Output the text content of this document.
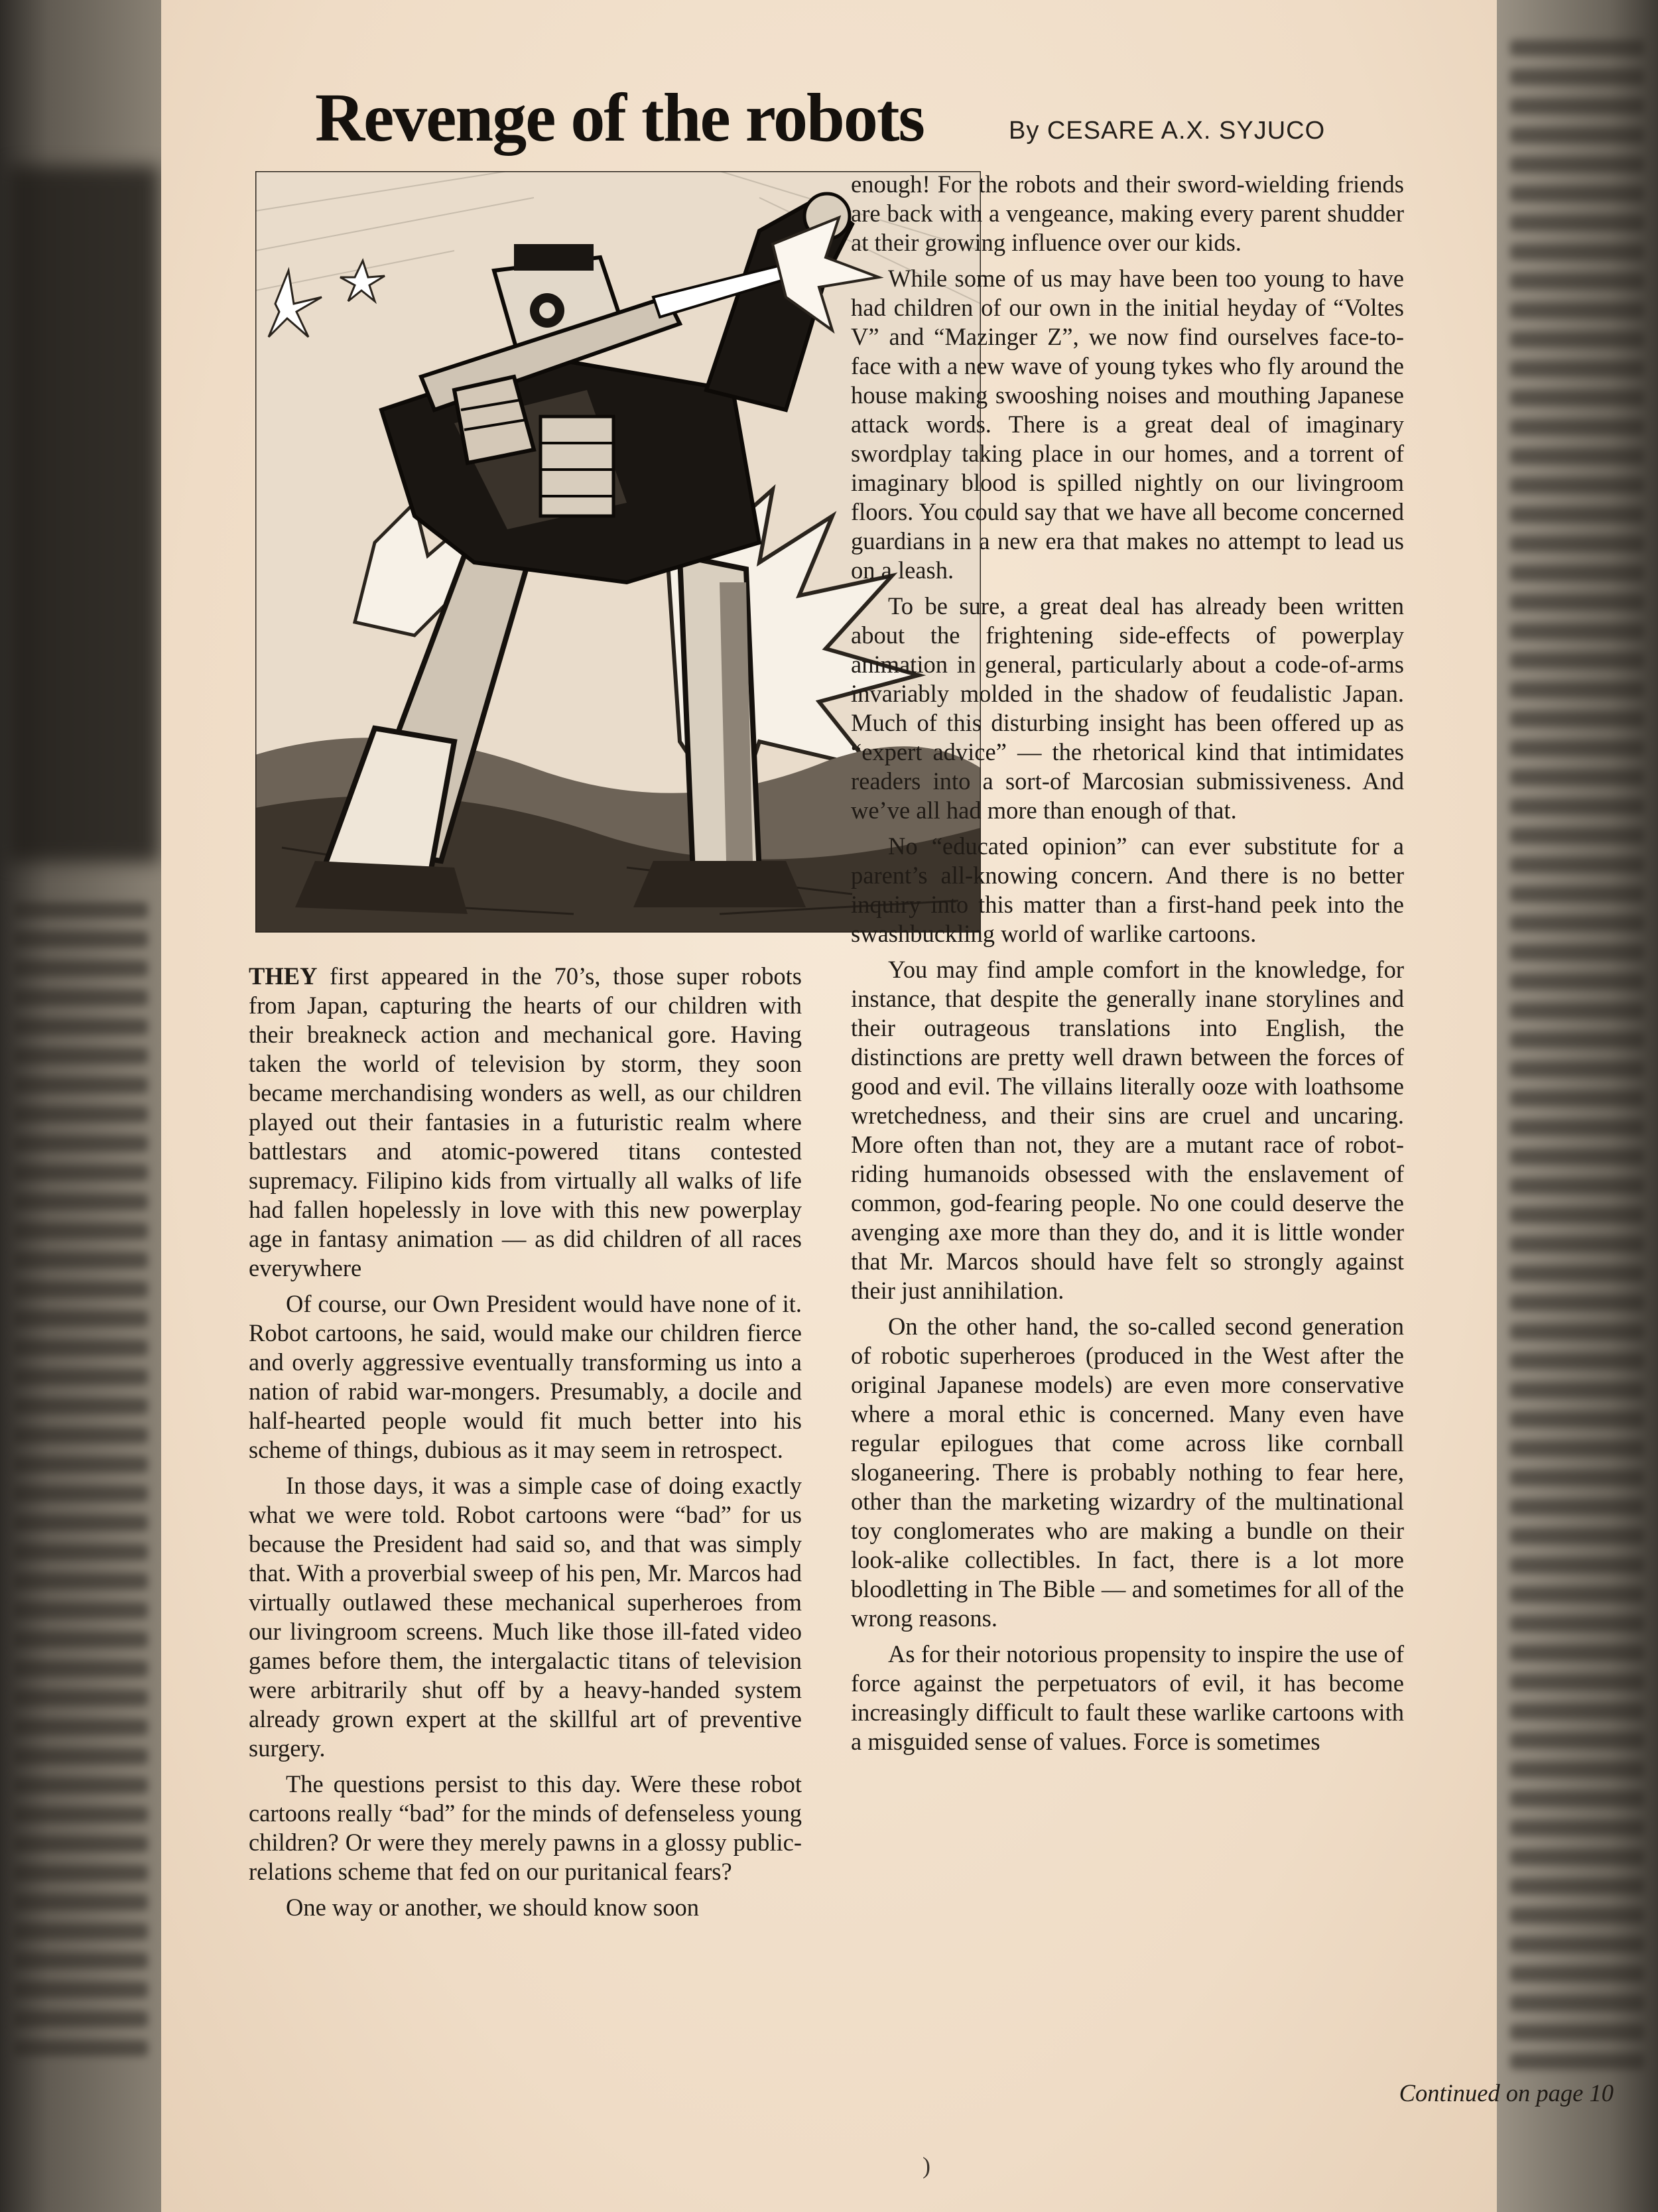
Revenge of the robots	By CESARE A.X. SYJUCO

THEY first appeared in the 70’s, those super robots from Japan, capturing the hearts of our children with their breakneck action and mechanical gore. Having taken the world of television by storm, they soon became merchandising wonders as well, as our children played out their fantasies in a futuristic realm where battlestars and atomic-powered titans contested supremacy. Filipino kids from virtually all walks of life had fallen hopelessly in love with this new powerplay age in fantasy animation — as did children of all races everywhere

Of course, our Own President would have none of it. Robot cartoons, he said, would make our children fierce and overly aggressive eventually transforming us into a nation of rabid war-mongers. Presumably, a docile and half-hearted people would fit much better into his scheme of things, dubious as it may seem in retrospect.

In those days, it was a simple case of doing exactly what we were told. Robot cartoons were “bad” for us because the President had said so, and that was simply that. With a proverbial sweep of his pen, Mr. Marcos had virtually outlawed these mechanical superheroes from our livingroom screens. Much like those ill-fated video games before them, the intergalactic titans of television were arbitrarily shut off by a heavy-handed system already grown expert at the skillful art of preventive surgery.

The questions persist to this day. Were these robot cartoons really “bad” for the minds of defenseless young children? Or were they merely pawns in a glossy public-relations scheme that fed on our puritanical fears?

One way or another, we should know soon

enough! For the robots and their sword-wielding friends are back with a vengeance, making every parent shudder at their growing influence over our kids.

While some of us may have been too young to have had children of our own in the initial heyday of “Voltes V” and “Mazinger Z”, we now find ourselves face-to-face with a new wave of young tykes who fly around the house making swooshing noises and mouthing Japanese attack words. There is a great deal of imaginary swordplay taking place in our homes, and a torrent of imaginary blood is spilled nightly on our livingroom floors. You could say that we have all become concerned guardians in a new era that makes no attempt to lead us on a leash.

To be sure, a great deal has already been written about the frightening side-effects of powerplay animation in general, particularly about a code-of-arms invariably molded in the shadow of feudalistic Japan. Much of this disturbing insight has been offered up as “expert advice” — the rhetorical kind that intimidates readers into a sort-of Marcosian submissiveness. And we’ve all had more than enough of that.

No “educated opinion” can ever substitute for a parent’s all-knowing concern. And there is no better inquiry into this matter than a first-hand peek into the swashbuckling world of warlike cartoons.

You may find ample comfort in the knowledge, for instance, that despite the generally inane storylines and their outrageous translations into English, the distinctions are pretty well drawn between the forces of good and evil. The villains literally ooze with loathsome wretchedness, and their sins are cruel and uncaring. More often than not, they are a mutant race of robot-riding humanoids obsessed with the enslavement of common, god-fearing people. No one could deserve the avenging axe more than they do, and it is little wonder that Mr. Marcos should have felt so strongly against their just annihilation.

On the other hand, the so-called second generation of robotic superheroes (produced in the West after the original Japanese models) are even more conservative where a moral ethic is concerned. Many even have regular epilogues that come across like cornball sloganeering. There is probably nothing to fear here, other than the marketing wizardry of the multinational toy conglomerates who are making a bundle on their look-alike collectibles. In fact, there is a lot more bloodletting in The Bible — and sometimes for all of the wrong reasons.

As for their notorious propensity to inspire the use of force against the perpetuators of evil, it has become increasingly difficult to fault these warlike cartoons with a misguided sense of values. Force is sometimes

Continued on page 10
)
